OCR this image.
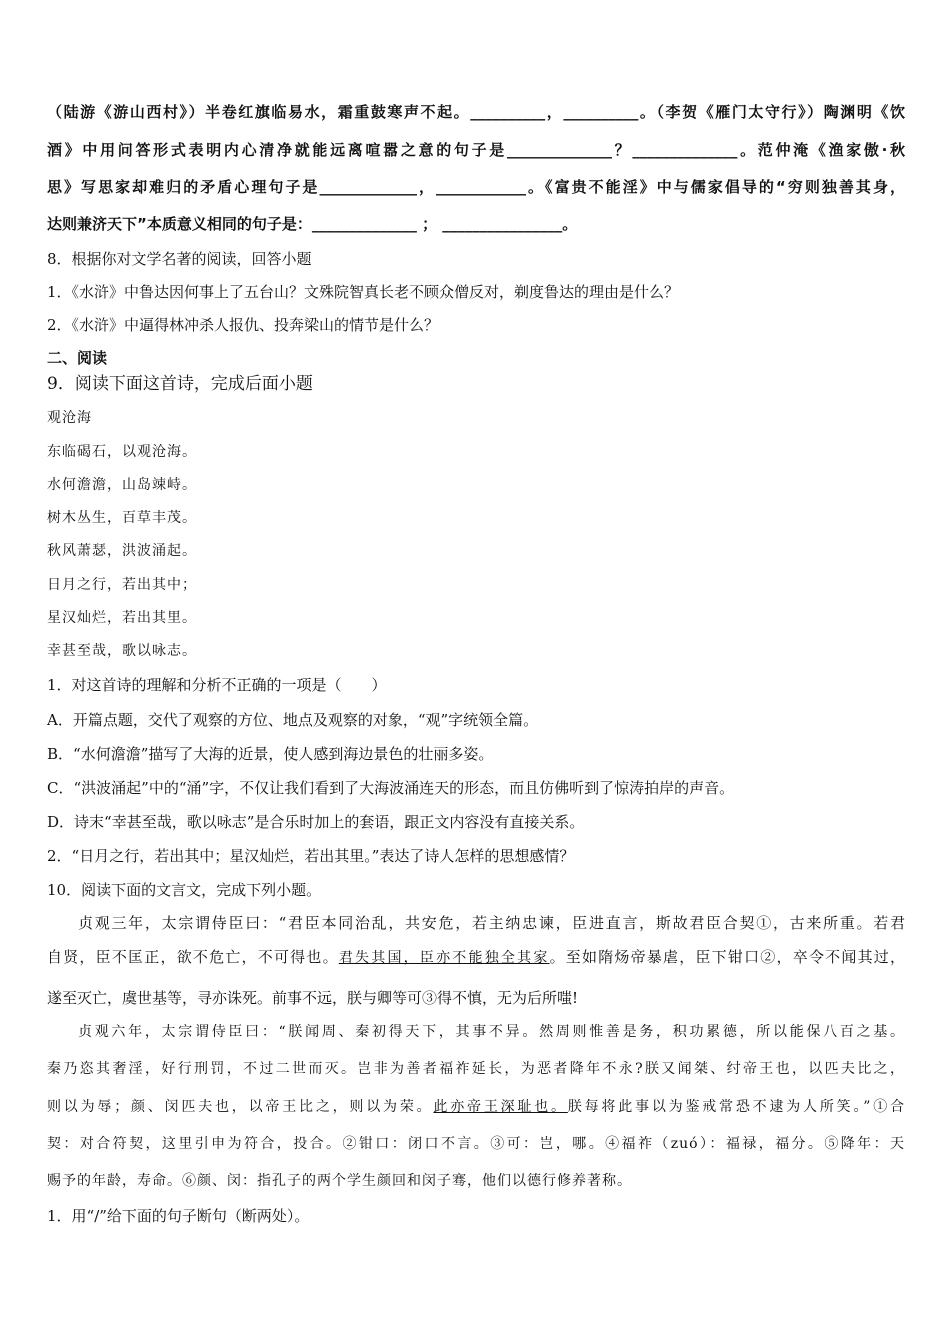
（陆游《游山西村》）半卷红旗临易水，霜重鼓寒声不起。__________，__________。（李贺《雁门太守行》）陶渊明《饮
酒》中用问答形式表明内心清净就能远离喧嚣之意的句子是______________？______________。范仲淹《渔家傲·秋
思》写思家却难归的矛盾心理句子是_____________，____________。《富贵不能淫》中与儒家倡导的“穷则独善其身，
达则兼济天下”本质意义相同的句子是：______________ ； ________________。
8．根据你对文学名著的阅读，回答小题
1．《水浒》中鲁达因何事上了五台山？文殊院智真长老不顾众僧反对，剃度鲁达的理由是什么？
2．《水浒》中逼得林冲杀人报仇、投奔梁山的情节是什么？
二、阅读
9．阅读下面这首诗，完成后面小题
观沧海
东临碣石，以观沧海。
水何澹澹，山岛竦峙。
树木丛生，百草丰茂。
秋风萧瑟，洪波涌起。
日月之行，若出其中；
星汉灿烂，若出其里。
幸甚至哉，歌以咏志。
1．对这首诗的理解和分析不正确的一项是（　　）
A．开篇点题，交代了观察的方位、地点及观察的对象，“观”字统领全篇。
B．“水何澹澹”描写了大海的近景，使人感到海边景色的壮丽多姿。
C．“洪波涌起”中的“涌”字，不仅让我们看到了大海波涌连天的形态，而且仿佛听到了惊涛拍岸的声音。
D．诗末“幸甚至哉，歌以咏志”是合乐时加上的套语，跟正文内容没有直接关系。
2．“日月之行，若出其中；星汉灿烂，若出其里。”表达了诗人怎样的思想感情？
10．阅读下面的文言文，完成下列小题。
贞观三年，太宗谓侍臣曰：“君臣本同治乱，共安危，若主纳忠谏，臣进直言，斯故君臣合契①，古来所重。若君
自贤，臣不匡正，欲不危亡，不可得也。君失其国，臣亦不能独全其家。至如隋炀帝暴虐，臣下钳口②，卒令不闻其过，
遂至灭亡，虞世基等，寻亦诛死。前事不远，朕与卿等可③得不慎，无为后所嗤!
贞观六年，太宗谓侍臣曰：“朕闻周、秦初得天下，其事不异。然周则惟善是务，积功累德，所以能保八百之基。
秦乃恣其奢淫，好行刑罚，不过二世而灭。岂非为善者福祚延长，为恶者降年不永?朕又闻桀、纣帝王也，以匹夫比之，
则以为辱；颜、闵匹夫也，以帝王比之，则以为荣。此亦帝王深耻也。朕每将此事以为鉴戒常恐不逮为人所笑。”①合
契：对合符契，这里引申为符合，投合。②钳口：闭口不言。③可：岂，哪。④福祚（zuó）：福禄，福分。⑤降年：天
赐予的年龄，寿命。⑥颜、闵：指孔子的两个学生颜回和闵子骞，他们以德行修养著称。
1．用“/”给下面的句子断句（断两处）。
